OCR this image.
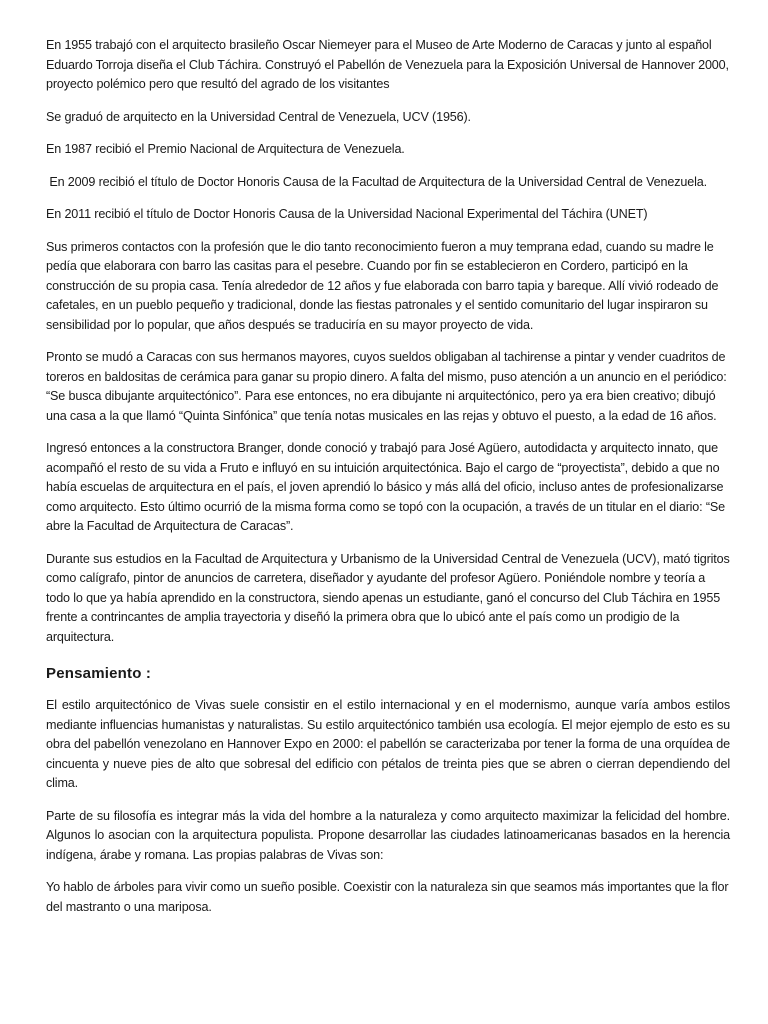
En 1955 trabajó con el arquitecto brasileño Oscar Niemeyer para el Museo de Arte Moderno de Caracas y junto al español Eduardo Torroja diseña el Club Táchira. Construyó el Pabellón de Venezuela para la Exposición Universal de Hannover 2000, proyecto polémico pero que resultó del agrado de los visitantes

Se graduó de arquitecto en la Universidad Central de Venezuela, UCV (1956).

En 1987 recibió el Premio Nacional de Arquitectura de Venezuela.

En 2009 recibió el título de Doctor Honoris Causa de la Facultad de Arquitectura de la Universidad Central de Venezuela.

En 2011 recibió el título de Doctor Honoris Causa de la Universidad Nacional Experimental del Táchira (UNET)

Sus primeros contactos con la profesión que le dio tanto reconocimiento fueron a muy temprana edad, cuando su madre le pedía que elaborara con barro las casitas para el pesebre. Cuando por fin se establecieron en Cordero, participó en la construcción de su propia casa. Tenía alrededor de 12 años y fue elaborada con barro tapia y bareque. Allí vivió rodeado de cafetales, en un pueblo pequeño y tradicional, donde las fiestas patronales y el sentido comunitario del lugar inspiraron su sensibilidad por lo popular, que años después se traduciría en su mayor proyecto de vida.

Pronto se mudó a Caracas con sus hermanos mayores, cuyos sueldos obligaban al tachirense a pintar y vender cuadritos de toreros en baldositas de cerámica para ganar su propio dinero. A falta del mismo, puso atención a un anuncio en el periódico: “Se busca dibujante arquitectónico”. Para ese entonces, no era dibujante ni arquitectónico, pero ya era bien creativo; dibujó una casa a la que llamó “Quinta Sinfónica” que tenía notas musicales en las rejas y obtuvo el puesto, a la edad de 16 años.

Ingresó entonces a la constructora Branger, donde conoció y trabajó para José Agüero, autodidacta y arquitecto innato, que acompañó el resto de su vida a Fruto e influyó en su intuición arquitectónica. Bajo el cargo de “proyectista”, debido a que no había escuelas de arquitectura en el país, el joven aprendió lo básico y más allá del oficio, incluso antes de profesionalizarse como arquitecto. Esto último ocurrió de la misma forma como se topó con la ocupación, a través de un titular en el diario: “Se abre la Facultad de Arquitectura de Caracas”.

Durante sus estudios en la Facultad de Arquitectura y Urbanismo de la Universidad Central de Venezuela (UCV), mató tigritos como calígrafo, pintor de anuncios de carretera, diseñador y ayudante del profesor Agüero. Poniéndole nombre y teoría a todo lo que ya había aprendido en la constructora, siendo apenas un estudiante, ganó el concurso del Club Táchira en 1955 frente a contrincantes de amplia trayectoria y diseñó la primera obra que lo ubicó ante el país como un prodigio de la arquitectura.

Pensamiento :

El estilo arquitectónico de Vivas suele consistir en el estilo internacional y en el modernismo, aunque varía ambos estilos mediante influencias humanistas y naturalistas. Su estilo arquitectónico también usa ecología. El mejor ejemplo de esto es su obra del pabellón venezolano en Hannover Expo en 2000: el pabellón se caracterizaba por tener la forma de una orquídea de cincuenta y nueve pies de alto que sobresal del edificio con pétalos de treinta pies que se abren o cierran dependiendo del clima.

Parte de su filosofía es integrar más la vida del hombre a la naturaleza y como arquitecto maximizar la felicidad del hombre. Algunos lo asocian con la arquitectura populista. Propone desarrollar las ciudades latinoamericanas basados en la herencia indígena, árabe y romana. Las propias palabras de Vivas son:

Yo hablo de árboles para vivir como un sueño posible. Coexistir con la naturaleza sin que seamos más importantes que la flor del mastranto o una mariposa.
